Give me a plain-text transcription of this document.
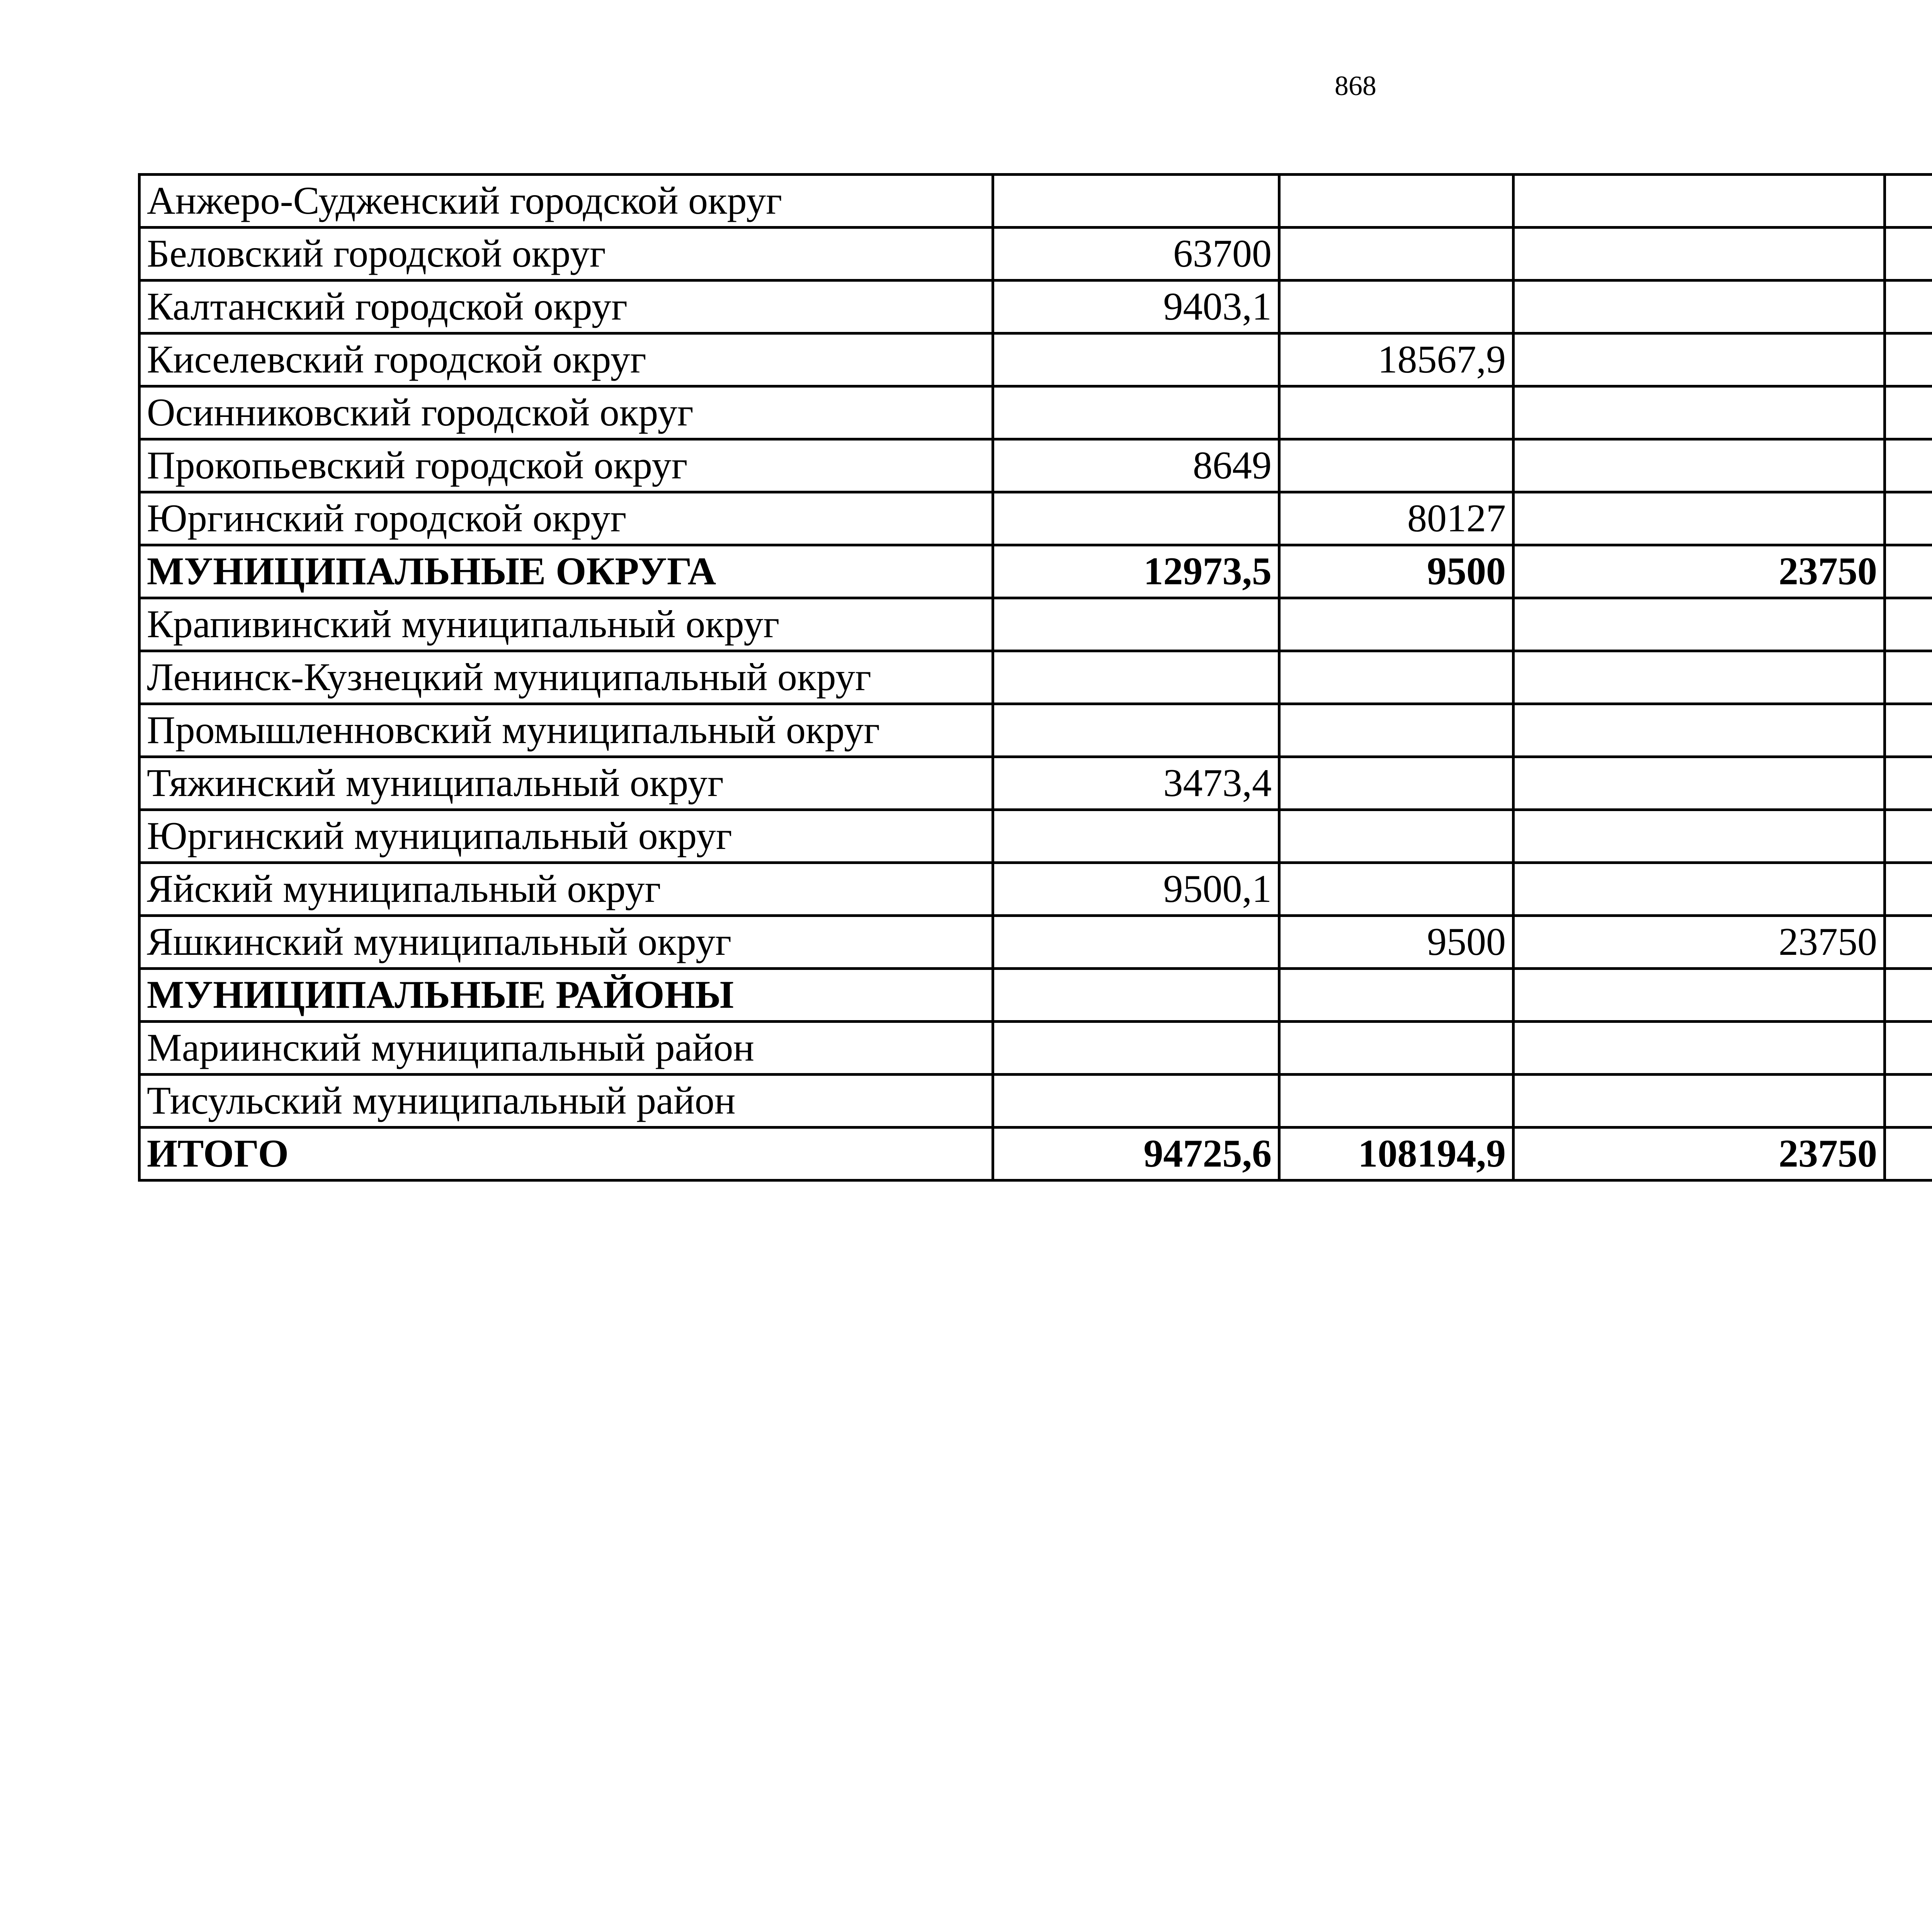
868
Анжеро-Судженский городской округ						
Беловский городской округ	63700					
Калтанский городской округ	9403,1					
Киселевский городской округ		18567,9				
Осинниковский городской округ						
Прокопьевский городской округ	8649					
Юргинский городской округ		80127				
МУНИЦИПАЛЬНЫЕ ОКРУГА	12973,5	9500	23750			
Крапивинский муниципальный округ						
Ленинск-Кузнецкий муниципальный округ						
Промышленновский муниципальный округ						
Тяжинский муниципальный округ	3473,4					
Юргинский муниципальный округ						
Яйский муниципальный округ	9500,1					
Яшкинский муниципальный округ		9500	23750			
МУНИЦИПАЛЬНЫЕ РАЙОНЫ						
Мариинский муниципальный район						
Тисульский муниципальный район						
ИТОГО	94725,6	108194,9	23750			
